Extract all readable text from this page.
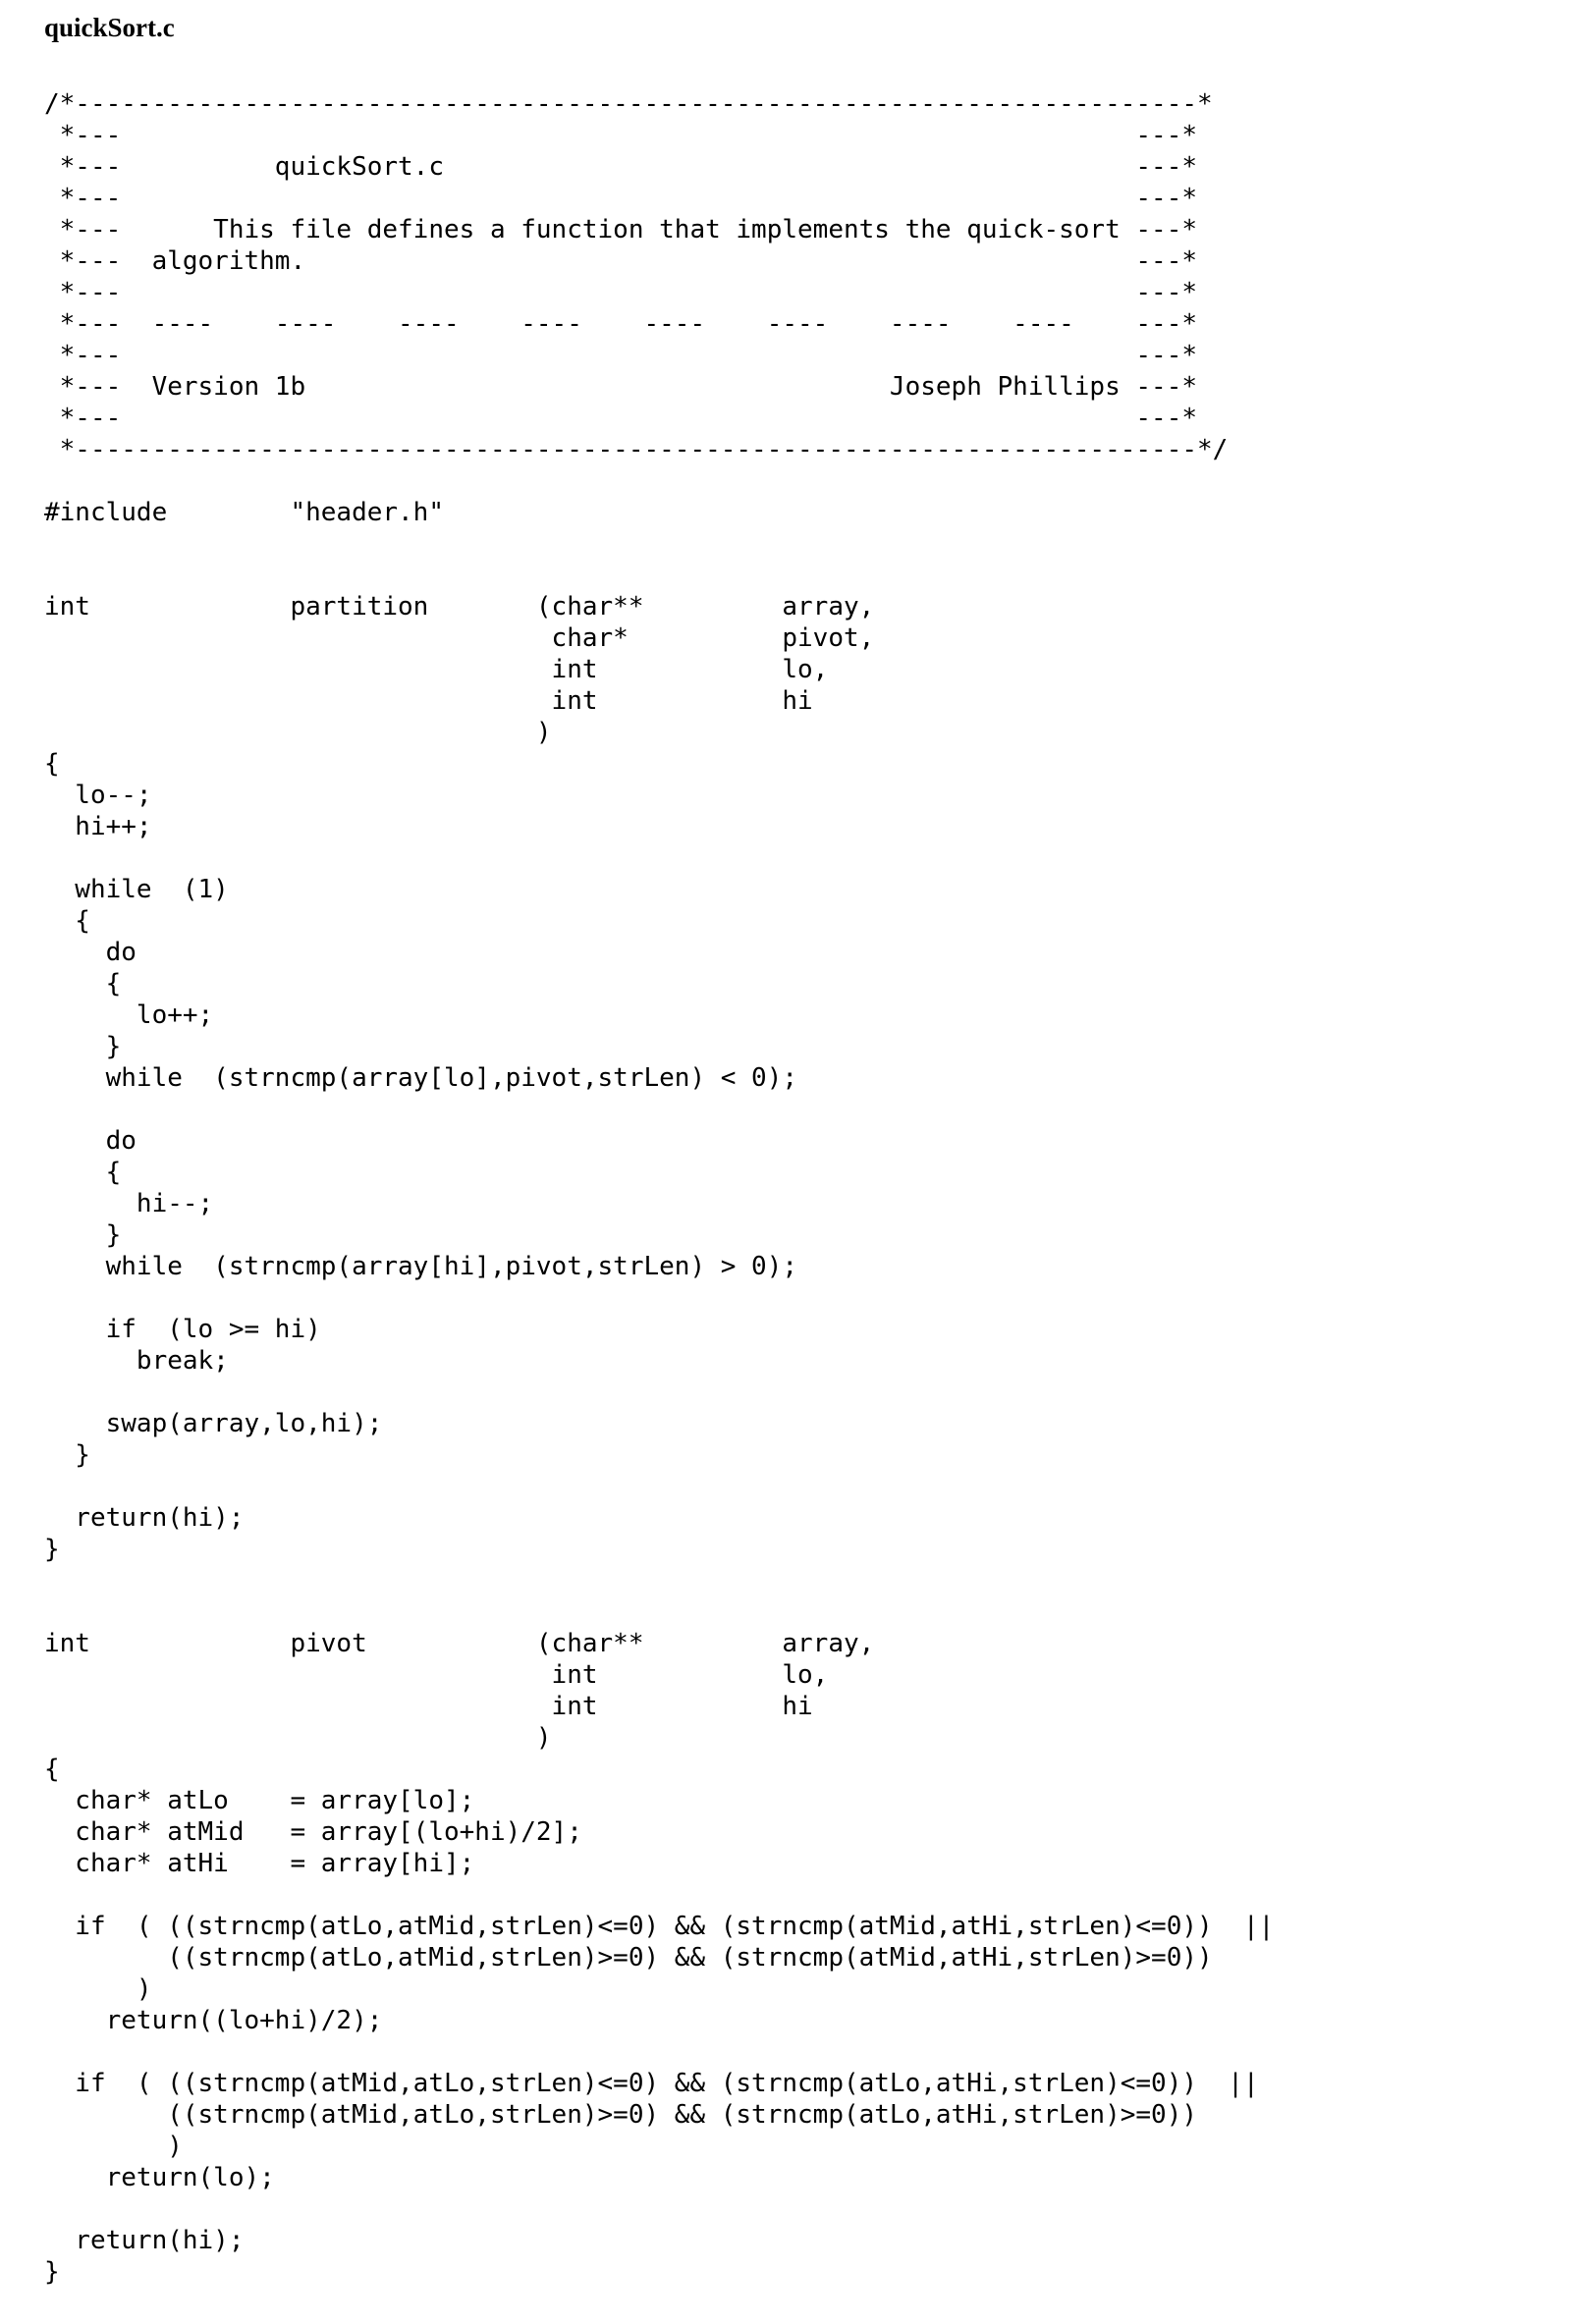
quickSort.c
/*-------------------------------------------------------------------------*
*---                                                                  ---*
*---          quickSort.c                                             ---*
*---                                                                  ---*
*---      This file defines a function that implements the quick-sort ---*
*---  algorithm.                                                      ---*
*---                                                                  ---*
*---  ----    ----    ----    ----    ----    ----    ----    ----    ---*
*---                                                                  ---*
*---  Version 1b                                      Joseph Phillips ---*
*---                                                                  ---*
*-------------------------------------------------------------------------*/
#include        "header.h"
int             partition       (char**         array,
char*          pivot,
int            lo,
int            hi
)
{
lo--;
hi++;
while  (1)
{
do
{
lo++;
}
while  (strncmp(array[lo],pivot,strLen) < 0);
do
{
hi--;
}
while  (strncmp(array[hi],pivot,strLen) > 0);
if  (lo >= hi)
break;
swap(array,lo,hi);
}
return(hi);
}
int             pivot           (char**         array,
int            lo,
int            hi
)
{
char* atLo    = array[lo];
char* atMid   = array[(lo+hi)/2];
char* atHi    = array[hi];
if  ( ((strncmp(atLo,atMid,strLen)<=0) && (strncmp(atMid,atHi,strLen)<=0))  ||
((strncmp(atLo,atMid,strLen)>=0) && (strncmp(atMid,atHi,strLen)>=0))
)
return((lo+hi)/2);
if  ( ((strncmp(atMid,atLo,strLen)<=0) && (strncmp(atLo,atHi,strLen)<=0))  ||
((strncmp(atMid,atLo,strLen)>=0) && (strncmp(atLo,atHi,strLen)>=0))
)
return(lo);
return(hi);
}
